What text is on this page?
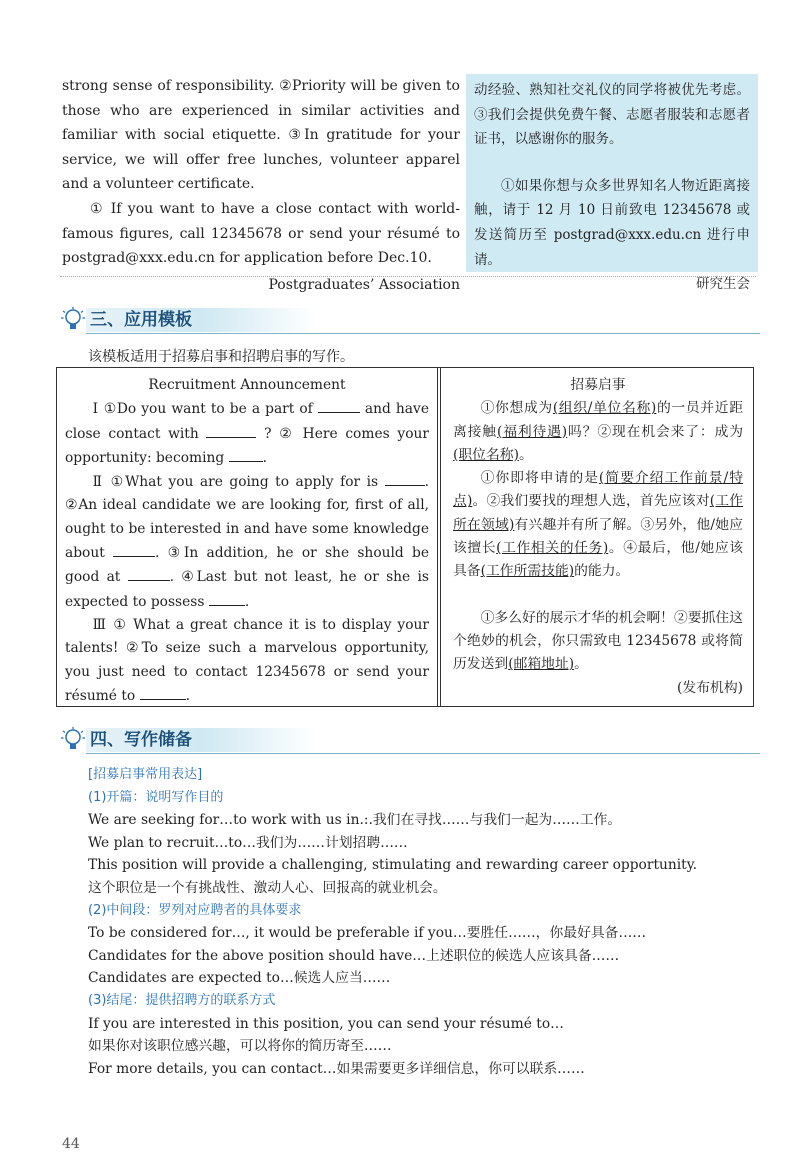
strong sense of responsibility. ②Priority will be given to those who are experienced in similar activities and familiar with social etiquette. ③In gratitude for your service, we will offer free lunches, volunteer apparel and a volunteer certificate.

① If you want to have a close contact with world-famous figures, call 12345678 or send your résumé to postgrad@xxx.edu.cn for application before Dec.10.

Postgraduates’ Association

动经验、熟知社交礼仪的同学将被优先考虑。③我们会提供免费午餐、志愿者服装和志愿者证书，以感谢你的服务。

①如果你想与众多世界知名人物近距离接触，请于 12 月 10 日前致电 12345678 或发送简历至 postgrad@xxx.edu.cn 进行申请。

研究生会
三、应用模板
该模板适用于招募启事和招聘启事的写作。

Recruitment Announcement

Ⅰ ①Do you want to be a part of	and have close contact with	? ② Here comes your opportunity: becoming .

Ⅱ ①What you are going to apply for is	. ②An ideal candidate we are looking for, first of all, ought to be interested in and have some knowledge about	. ③In addition, he or she should be good at	. ④Last but not least, he or she is expected to possess	.

Ⅲ ① What a great chance it is to display your talents! ②To seize such a marvelous opportunity, you just need to contact 12345678 or send your résumé to	.

招募启事

①你想成为(组织/单位名称)的一员并近距离接触(福利待遇)吗？②现在机会来了：成为(职位名称)。

①你即将申请的是(简要介绍工作前景/特点)。②我们要找的理想人选，首先应该对(工作所在领域)有兴趣并有所了解。③另外，他/她应该擅长(工作相关的任务)。④最后，他/她应该具备(工作所需技能)的能力。

①多么好的展示才华的机会啊！②要抓住这个绝妙的机会，你只需致电 12345678 或将简历发送到(邮箱地址)。

(发布机构)

四、写作储备

[招募启事常用表达]

(1)开篇：说明写作目的

We are seeking for…to work with us in.:.我们在寻找……与我们一起为……工作。

We plan to recruit…to…我们为……计划招聘……

This position will provide a challenging, stimulating and rewarding career opportunity.

这个职位是一个有挑战性、激动人心、回报高的就业机会。

(2)中间段：罗列对应聘者的具体要求

To be considered for…, it would be preferable if you…要胜任……，你最好具备……

Candidates for the above position should have…上述职位的候选人应该具备……

Candidates are expected to…候选人应当……

(3)结尾：提供招聘方的联系方式

If you are interested in this position, you can send your résumé to…

如果你对该职位感兴趣，可以将你的简历寄至……

For more details, you can contact…如果需要更多详细信息，你可以联系……

44
